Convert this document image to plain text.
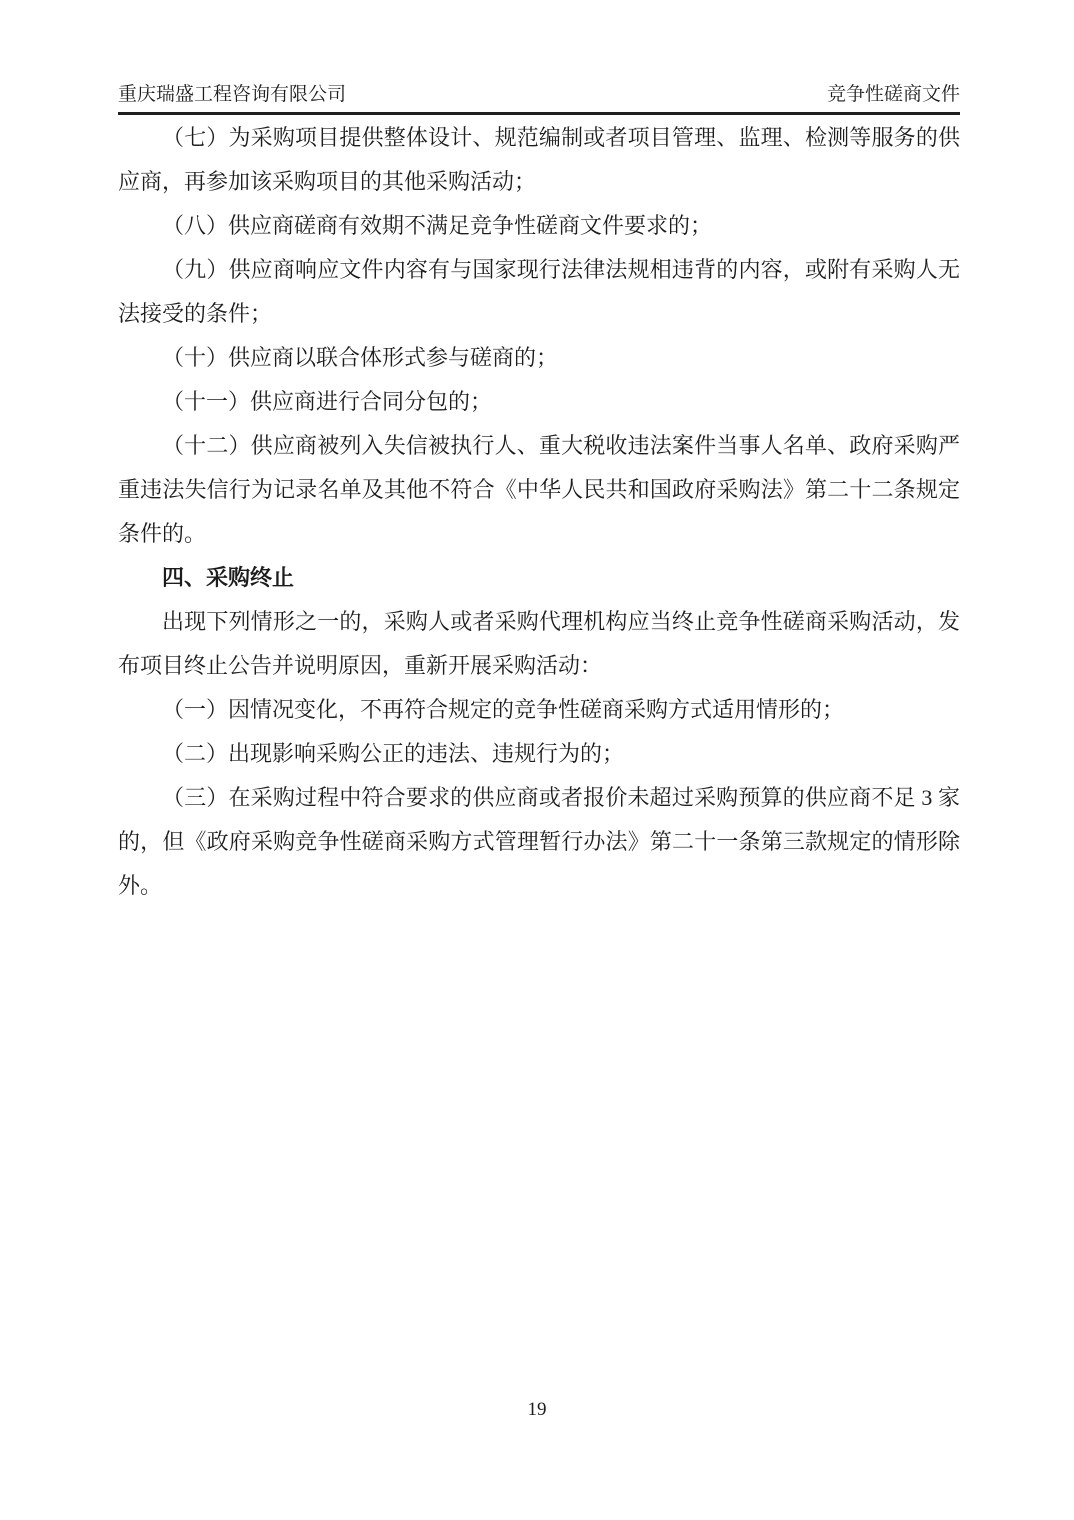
重庆瑞盛工程咨询有限公司	竞争性磋商文件

（七）为采购项目提供整体设计、规范编制或者项目管理、监理、检测等服务的供应商，再参加该采购项目的其他采购活动；

（八）供应商磋商有效期不满足竞争性磋商文件要求的；

（九）供应商响应文件内容有与国家现行法律法规相违背的内容，或附有采购人无法接受的条件；

（十）供应商以联合体形式参与磋商的；

（十一）供应商进行合同分包的；

（十二）供应商被列入失信被执行人、重大税收违法案件当事人名单、政府采购严重违法失信行为记录名单及其他不符合《中华人民共和国政府采购法》第二十二条规定条件的。

四、采购终止

出现下列情形之一的，采购人或者采购代理机构应当终止竞争性磋商采购活动，发布项目终止公告并说明原因，重新开展采购活动：

（一）因情况变化，不再符合规定的竞争性磋商采购方式适用情形的；

（二）出现影响采购公正的违法、违规行为的；

（三）在采购过程中符合要求的供应商或者报价未超过采购预算的供应商不足 3 家的，但《政府采购竞争性磋商采购方式管理暂行办法》第二十一条第三款规定的情形除外。

19
